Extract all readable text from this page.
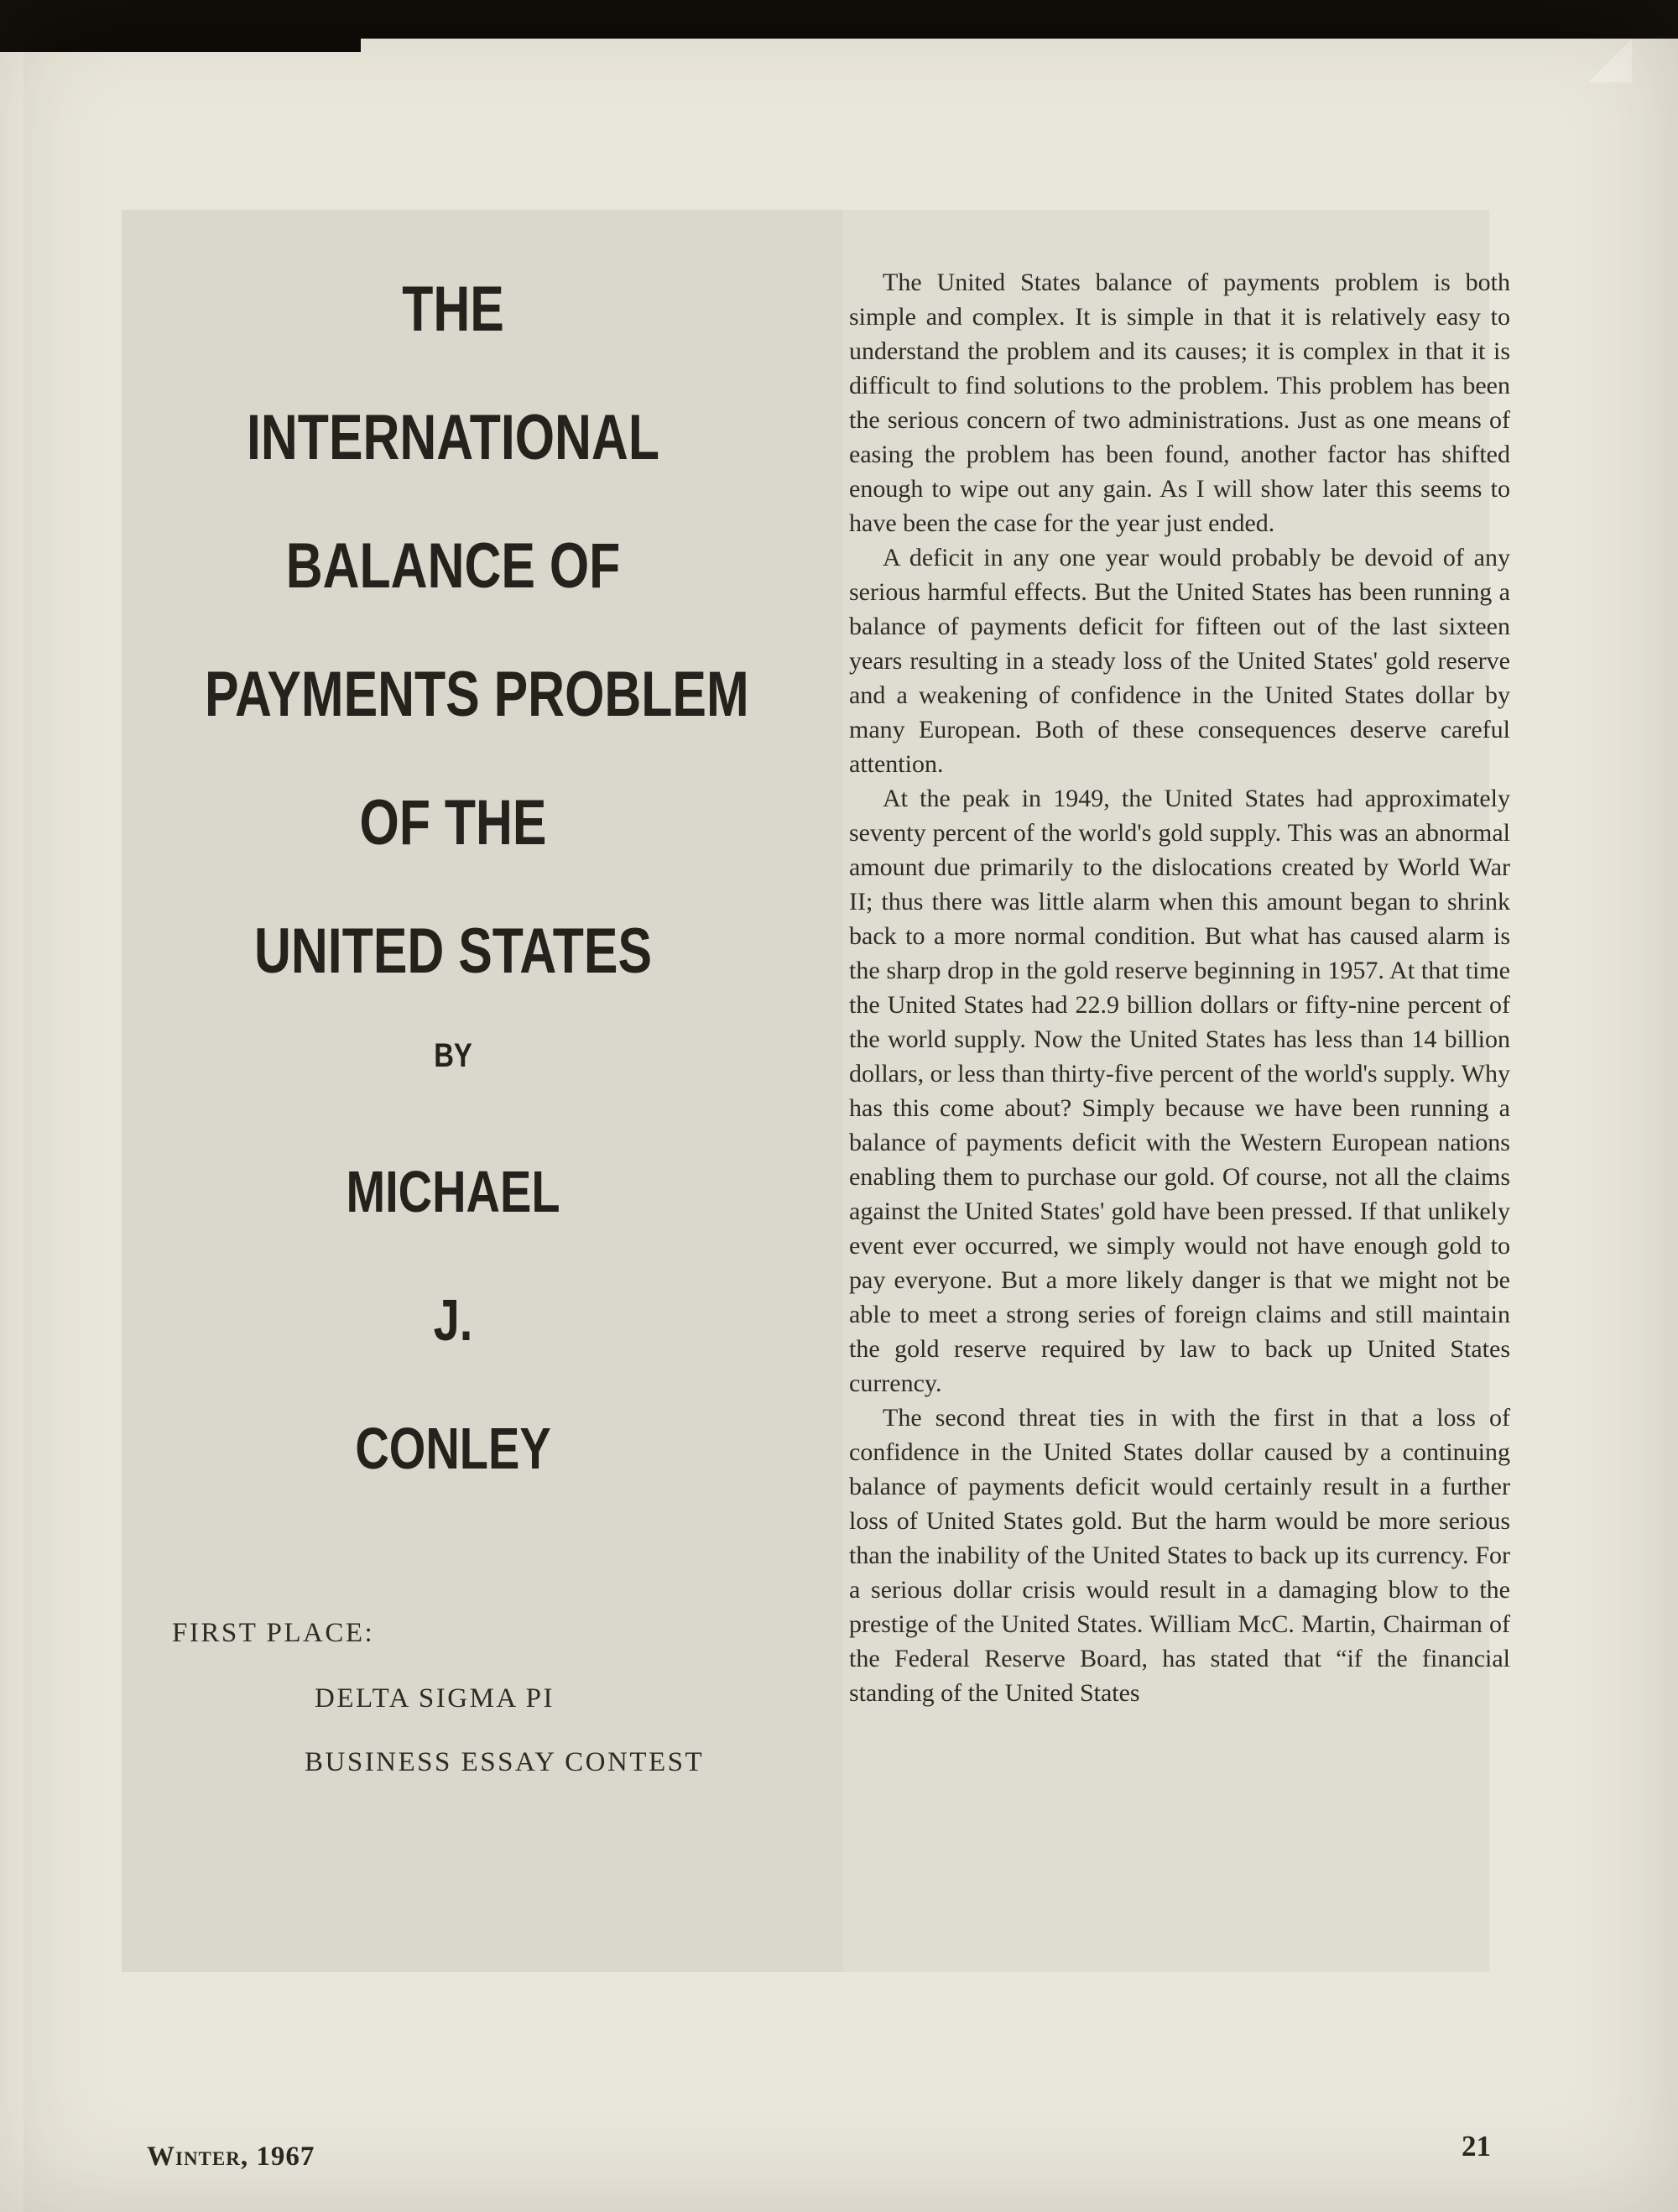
THE
INTERNATIONAL
BALANCE OF
PAYMENTS PROBLEM
OF THE
UNITED STATES
BY
MICHAEL
J.
CONLEY
FIRST PLACE:
DELTA SIGMA PI
BUSINESS ESSAY CONTEST

The United States balance of payments problem is both simple and complex. It is simple in that it is relatively easy to understand the problem and its causes; it is complex in that it is difficult to find solutions to the problem. This problem has been the serious concern of two administrations. Just as one means of easing the problem has been found, another factor has shifted enough to wipe out any gain. As I will show later this seems to have been the case for the year just ended.

A deficit in any one year would probably be devoid of any serious harmful effects. But the United States has been running a balance of payments deficit for fifteen out of the last sixteen years resulting in a steady loss of the United States' gold reserve and a weakening of confidence in the United States dollar by many European. Both of these consequences deserve careful attention.

At the peak in 1949, the United States had approximately seventy percent of the world's gold supply. This was an abnormal amount due primarily to the dislocations created by World War II; thus there was little alarm when this amount began to shrink back to a more normal condition. But what has caused alarm is the sharp drop in the gold reserve beginning in 1957. At that time the United States had 22.9 billion dollars or fifty-nine percent of the world supply. Now the United States has less than 14 billion dollars, or less than thirty-five percent of the world's supply. Why has this come about? Simply because we have been running a balance of payments deficit with the Western European nations enabling them to purchase our gold. Of course, not all the claims against the United States' gold have been pressed. If that unlikely event ever occurred, we simply would not have enough gold to pay everyone. But a more likely danger is that we might not be able to meet a strong series of foreign claims and still maintain the gold reserve required by law to back up United States currency.

The second threat ties in with the first in that a loss of confidence in the United States dollar caused by a continuing balance of payments deficit would certainly result in a further loss of United States gold. But the harm would be more serious than the inability of the United States to back up its currency. For a serious dollar crisis would result in a damaging blow to the prestige of the United States. William McC. Martin, Chairman of the Federal Reserve Board, has stated that “if the financial standing of the United States

Winter, 1967	21
